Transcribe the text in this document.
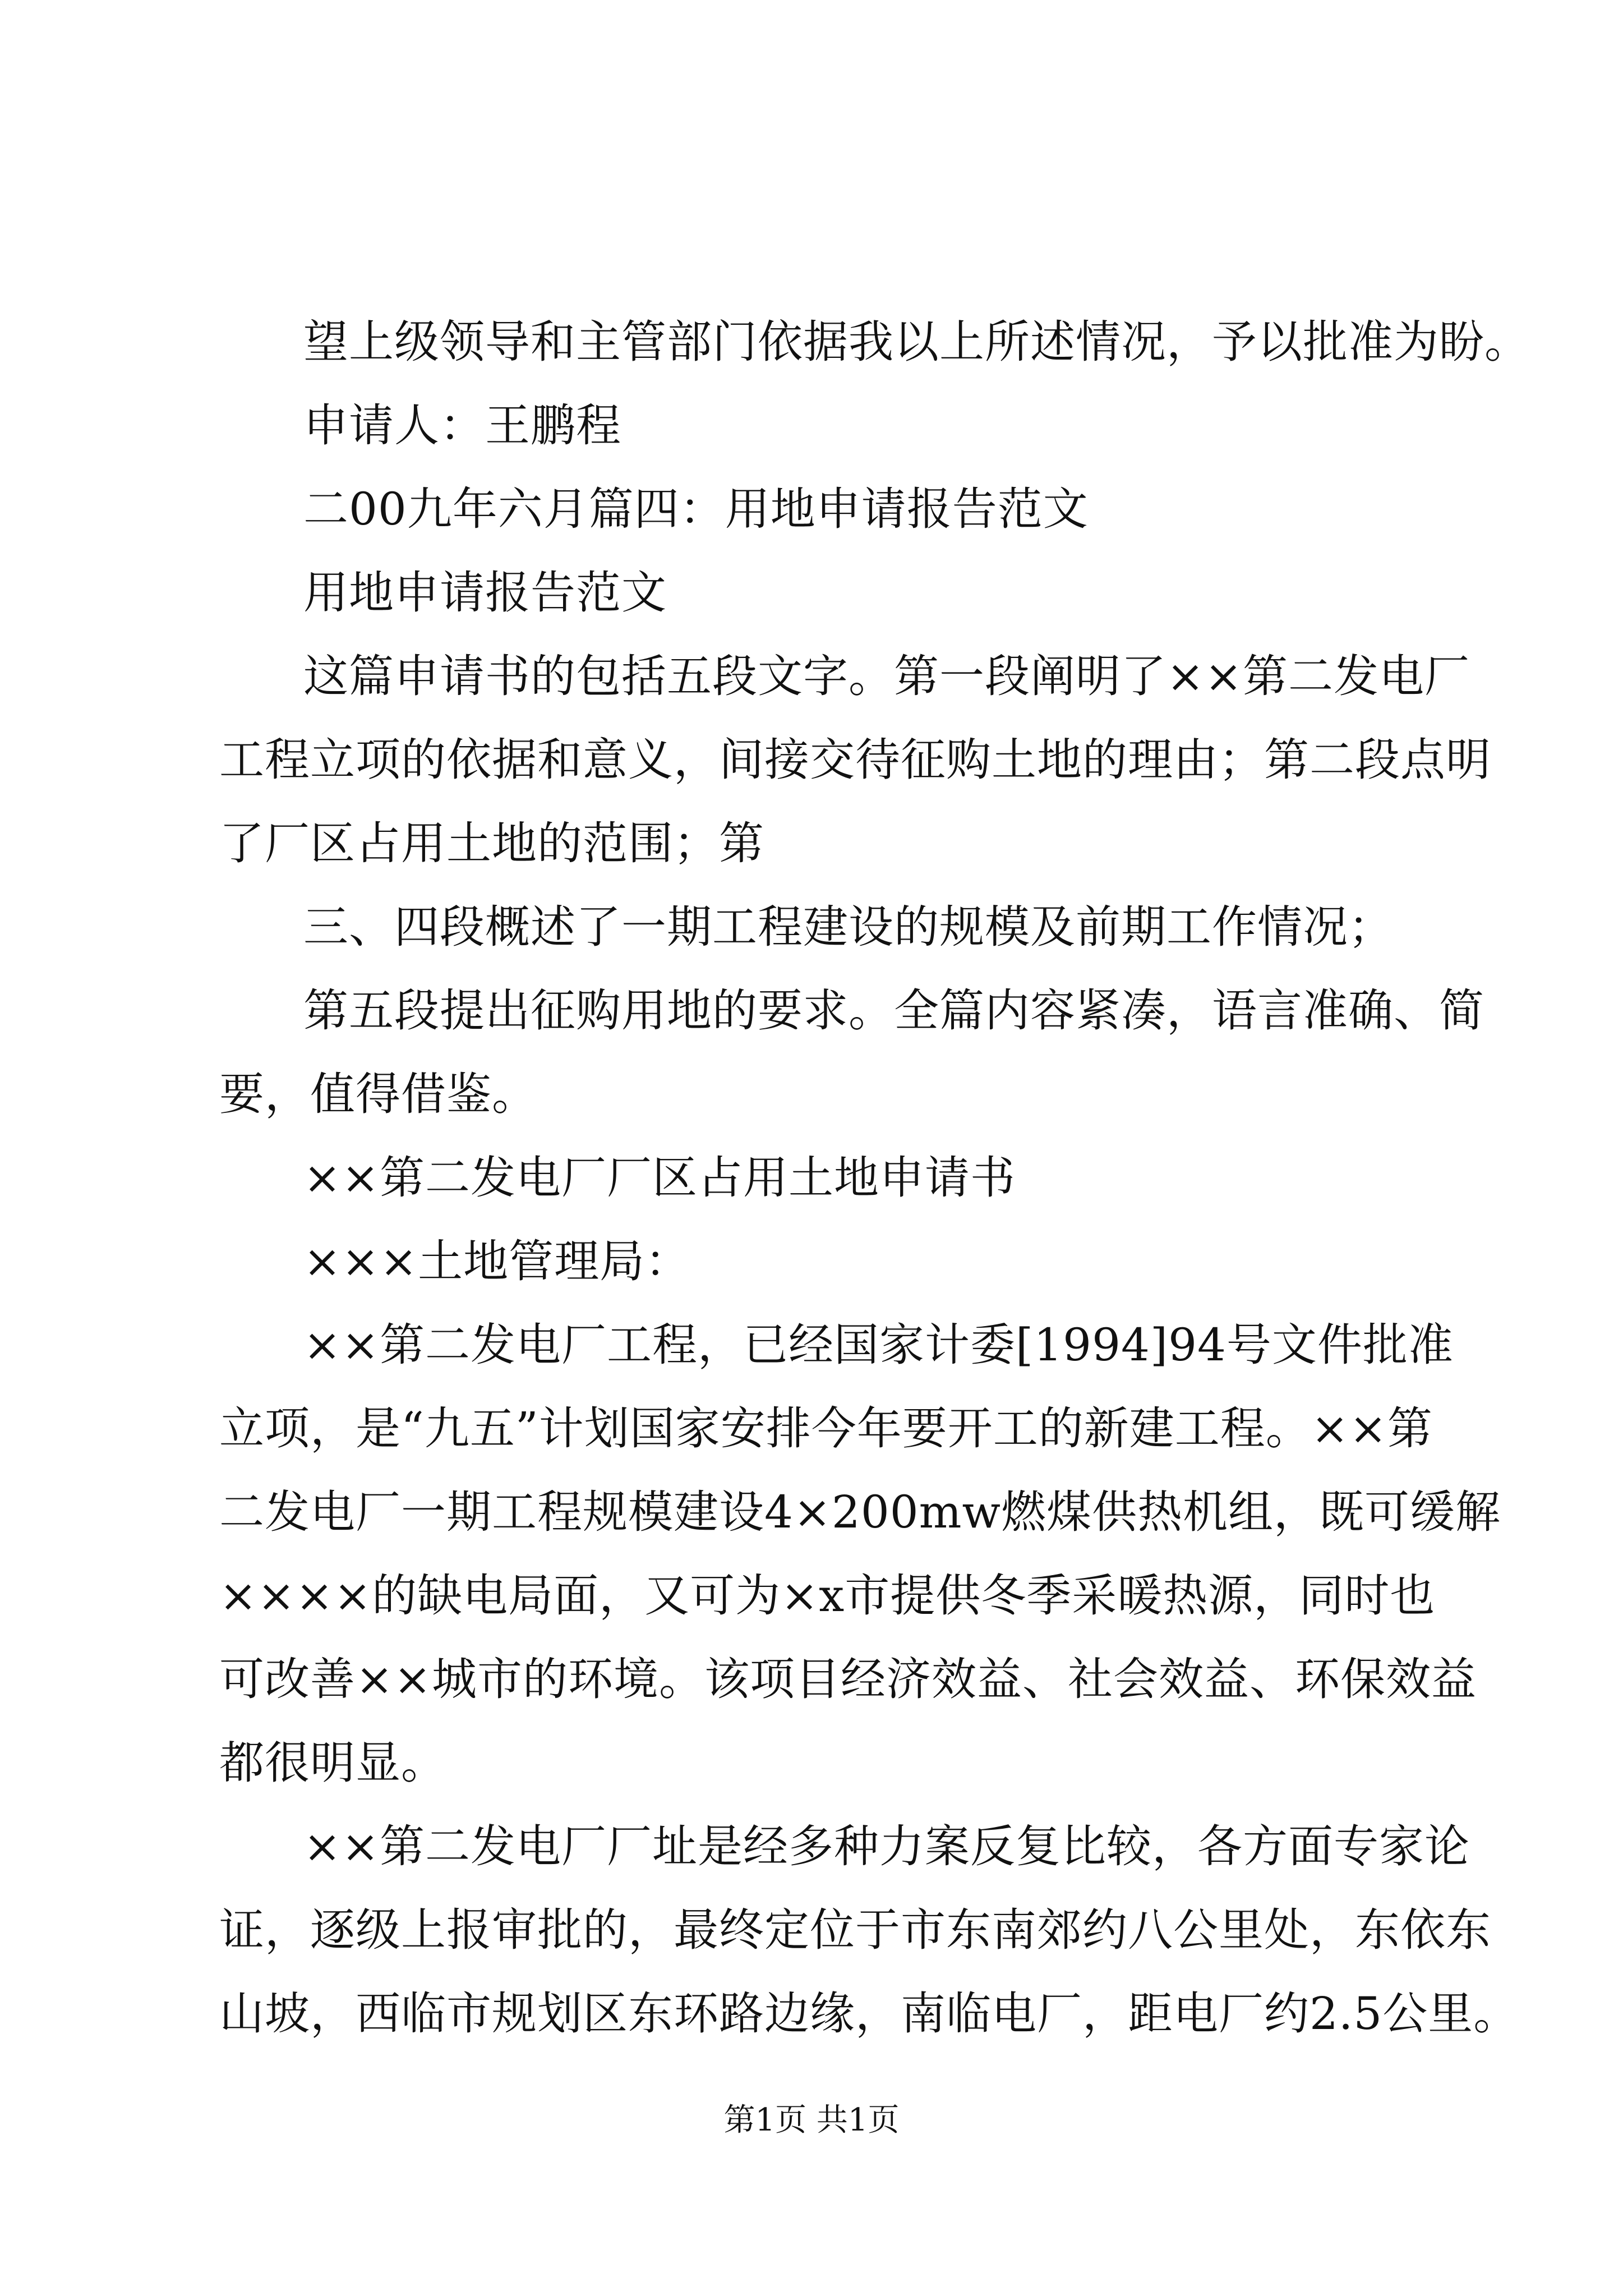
望上级领导和主管部门依据我以上所述情况，予以批准为盼。
申请人：王鹏程
二00九年六月篇四：用地申请报告范文
用地申请报告范文
这篇申请书的包括五段文字。第一段阐明了××第二发电厂
工程立项的依据和意义，间接交待征购土地的理由；第二段点明
了厂区占用土地的范围；第
三、四段概述了一期工程建设的规模及前期工作情况；
第五段提出征购用地的要求。全篇内容紧凑，语言准确、简
要，值得借鉴。
××第二发电厂厂区占用土地申请书
×××土地管理局：
××第二发电厂工程，已经国家计委[1994]94号文件批准
立项，是“九五”计划国家安排今年要开工的新建工程。××第
二发电厂一期工程规模建设4×200mw燃煤供热机组，既可缓解
××××的缺电局面，又可为×x市提供冬季采暖热源，同时也
可改善××城市的环境。该项目经济效益、社会效益、环保效益
都很明显。
××第二发电厂厂址是经多种力案反复比较，各方面专家论
证，逐级上报审批的，最终定位于市东南郊约八公里处，东依东
山坡，西临市规划区东环路边缘，南临电厂，距电厂约2.5公里。
第1页 共1页
